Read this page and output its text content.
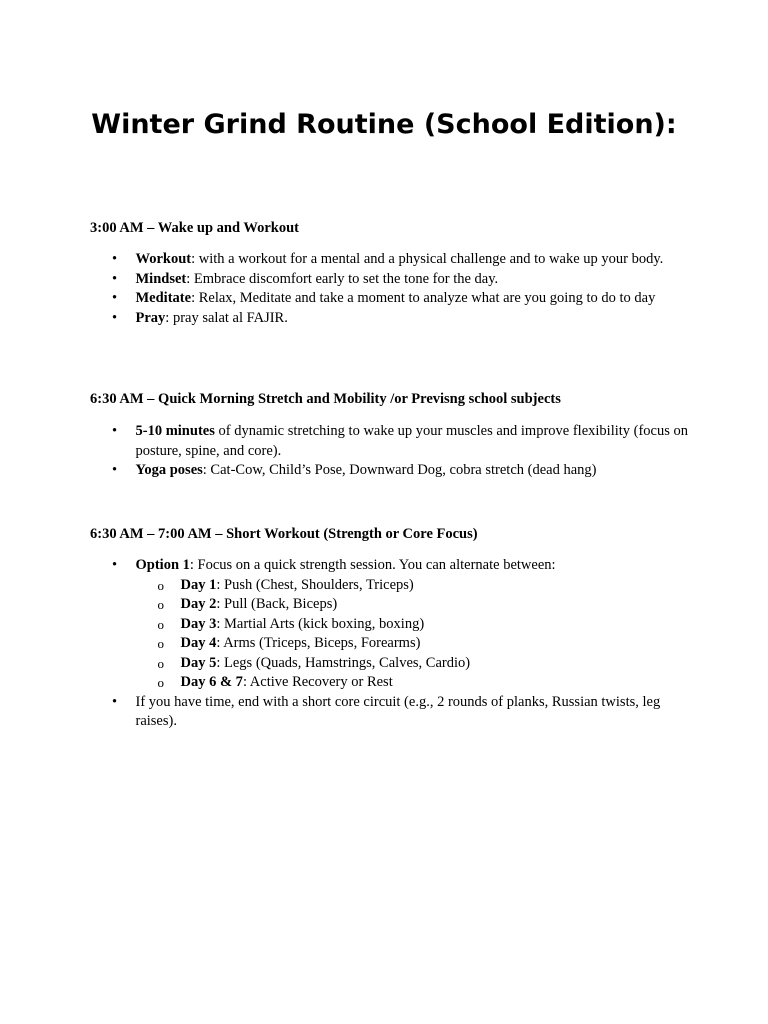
Winter Grind Routine (School Edition):
3:00 AM – Wake up and Workout
• Workout: with a workout for a mental and a physical challenge and to wake up your body.
• Mindset: Embrace discomfort early to set the tone for the day.
• Meditate: Relax, Meditate and take a moment to analyze what are you going to do to day
• Pray: pray salat al FAJIR.
6:30 AM – Quick Morning Stretch and Mobility /or Previsng school subjects
• 5-10 minutes of dynamic stretching to wake up your muscles and improve flexibility (focus on posture, spine, and core).
• Yoga poses: Cat-Cow, Child’s Pose, Downward Dog, cobra stretch (dead hang)
6:30 AM – 7:00 AM – Short Workout (Strength or Core Focus)
• Option 1: Focus on a quick strength session. You can alternate between:
o Day 1: Push (Chest, Shoulders, Triceps)
o Day 2: Pull (Back, Biceps)
o Day 3: Martial Arts (kick boxing, boxing)
o Day 4: Arms (Triceps, Biceps, Forearms)
o Day 5: Legs (Quads, Hamstrings, Calves, Cardio)
o Day 6 & 7: Active Recovery or Rest
• If you have time, end with a short core circuit (e.g., 2 rounds of planks, Russian twists, leg raises).
